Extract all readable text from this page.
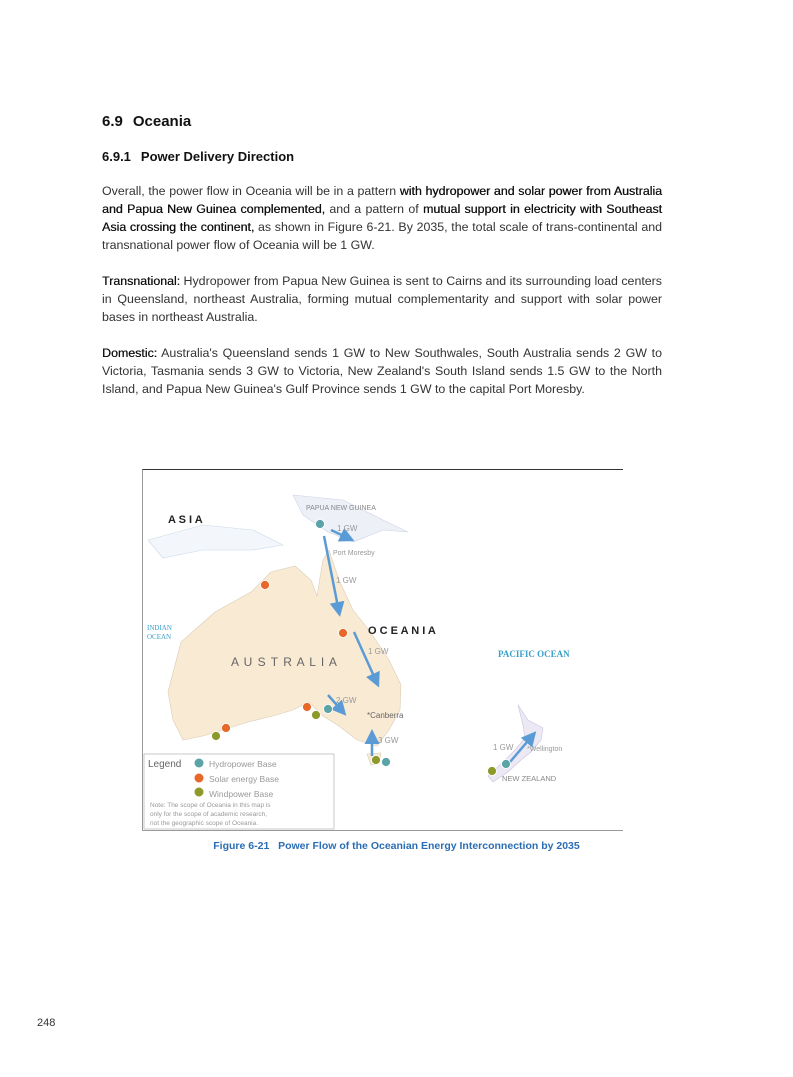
6.9 Oceania
6.9.1 Power Delivery Direction
Overall, the power flow in Oceania will be in a pattern with hydropower and solar power from Australia and Papua New Guinea complemented, and a pattern of mutual support in electricity with Southeast Asia crossing the continent, as shown in Figure 6-21. By 2035, the total scale of trans-continental and transnational power flow of Oceania will be 1 GW.
Transnational: Hydropower from Papua New Guinea is sent to Cairns and its surrounding load centers in Queensland, northeast Australia, forming mutual complementarity and support with solar power bases in northeast Australia.
Domestic: Australia's Queensland sends 1 GW to New Southwales, South Australia sends 2 GW to Victoria, Tasmania sends 3 GW to Victoria, New Zealand's South Island sends 1.5 GW to the North Island, and Papua New Guinea's Gulf Province sends 1 GW to the capital Port Moresby.
A S I A
PAPUA NEW GUINEA
Port Moresby
O C E A N I A
A U S T R A L I A
PACIFIC OCEAN
INDIAN
OCEAN
*Canberra
*Wellington
NEW ZEALAND
1 GW
1 GW
1 GW
2 GW
3 GW
1 GW
Legend	Hydropower Base
Solar energy Base
Windpower Base
Note: The scope of Oceania in this map is
only for the scope of academic research,
not the geographic scope of Oceania.
Figure 6-21 Power Flow of the Oceanian Energy Interconnection by 2035
248
